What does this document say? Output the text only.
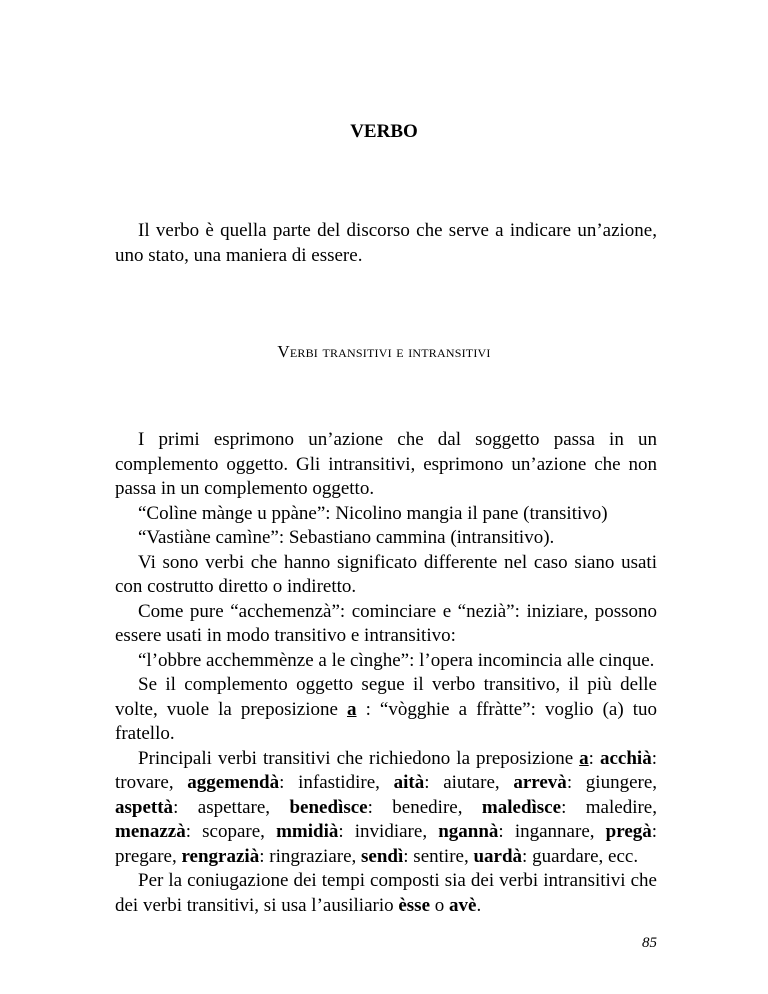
VERBO

Il verbo è quella parte del discorso che serve a indicare un’azione, uno stato, una maniera di essere.

Verbi transitivi e intransitivi

I primi esprimono un’azione che dal soggetto passa in un complemento oggetto. Gli intransitivi, esprimono un’azione che non passa in un complemento oggetto.

“Colìne mànge u ppàne”: Nicolino mangia il pane (transitivo)

“Vastiàne camìne”: Sebastiano cammina (intransitivo).

Vi sono verbi che hanno significato differente nel caso siano usati con costrutto diretto o indiretto.

Come pure “acchemenzà”: cominciare e “nezià”: iniziare, possono essere usati in modo transitivo e intransitivo:

“l’obbre acchemmènze a le cìnghe”: l’opera incomincia alle cinque.

Se il complemento oggetto segue il verbo transitivo, il più delle volte, vuole la preposizione a : “vògghie a ffràtte”: voglio (a) tuo fratello.

Principali verbi transitivi che richiedono la preposizione a: acchià: trovare, aggemendà: infastidire, aità: aiutare, arrevà: giungere, aspettà: aspettare, benedìsce: benedire, maledìsce: maledire, menazzà: scopare, mmidià: invidiare, ngannà: ingannare, pregà: pregare, rengrazià: ringraziare, sendì: sentire, uardà: guardare, ecc.

Per la coniugazione dei tempi composti sia dei verbi intransitivi che dei verbi transitivi, si usa l’ausiliario èsse o avè.

85
